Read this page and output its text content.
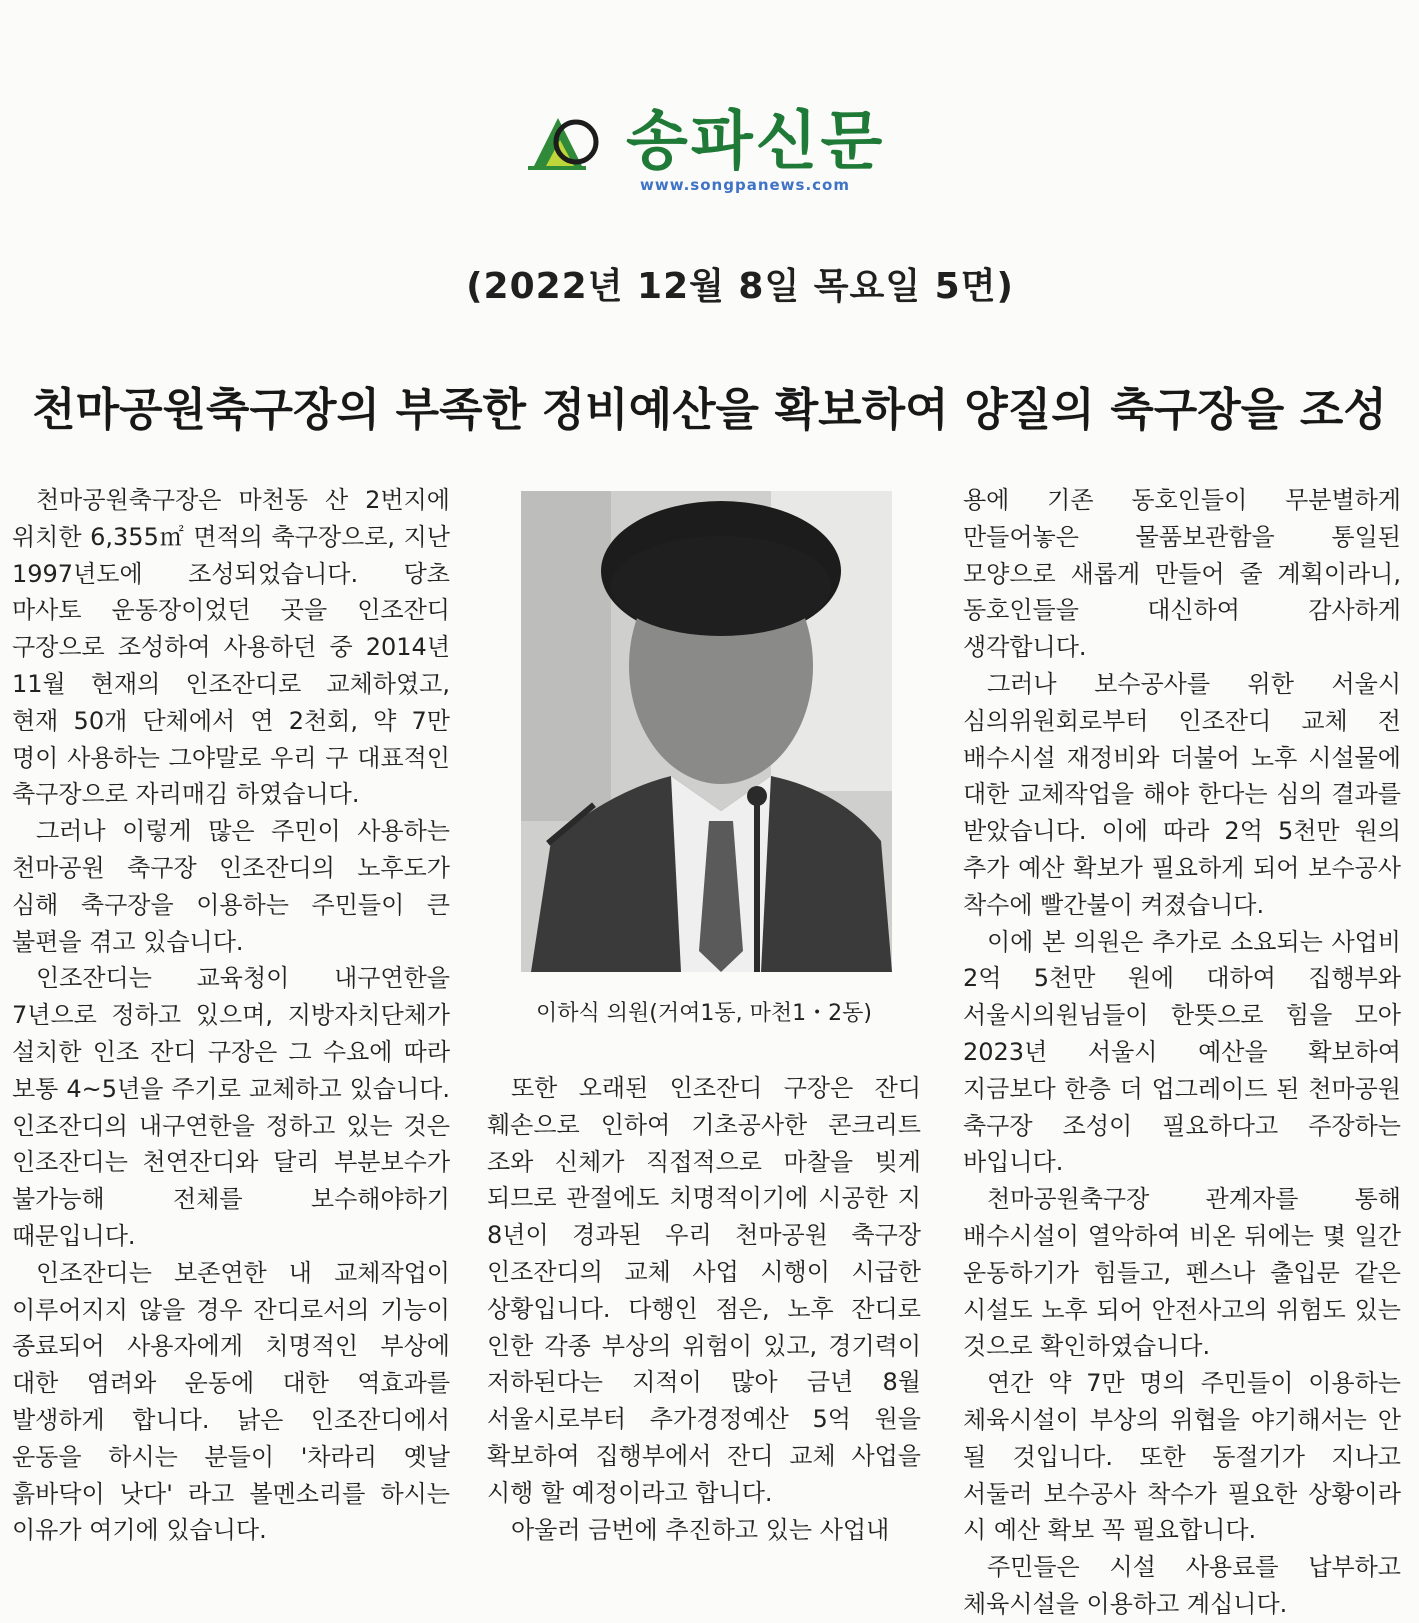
송파신문
www.songpanews.com
(2022년 12월 8일 목요일 5면)
천마공원축구장의 부족한 정비예산을 확보하여 양질의 축구장을 조성

천마공원축구장은 마천동 산 2번지에 위치한 6,355㎡ 면적의 축구장으로, 지난 1997년도에 조성되었습니다. 당초 마사토 운동장이었던 곳을 인조잔디 구장으로 조성하여 사용하던 중 2014년 11월 현재의 인조잔디로 교체하였고, 현재 50개 단체에서 연 2천회, 약 7만 명이 사용하는 그야말로 우리 구 대표적인 축구장으로 자리매김 하였습니다.

그러나 이렇게 많은 주민이 사용하는 천마공원 축구장 인조잔디의 노후도가 심해 축구장을 이용하는 주민들이 큰 불편을 겪고 있습니다.

인조잔디는 교육청이 내구연한을 7년으로 정하고 있으며, 지방자치단체가 설치한 인조 잔디 구장은 그 수요에 따라 보통 4~5년을 주기로 교체하고 있습니다. 인조잔디의 내구연한을 정하고 있는 것은 인조잔디는 천연잔디와 달리 부분보수가 불가능해 전체를 보수해야하기 때문입니다.

인조잔디는 보존연한 내 교체작업이 이루어지지 않을 경우 잔디로서의 기능이 종료되어 사용자에게 치명적인 부상에 대한 염려와 운동에 대한 역효과를 발생하게 합니다. 낡은 인조잔디에서 운동을 하시는 분들이 '차라리 옛날 흙바닥이 낫다' 라고 볼멘소리를 하시는 이유가 여기에 있습니다.

이하식 의원(거여1동, 마천1・2동)

또한 오래된 인조잔디 구장은 잔디 훼손으로 인하여 기초공사한 콘크리트 조와 신체가 직접적으로 마찰을 빚게 되므로 관절에도 치명적이기에 시공한 지 8년이 경과된 우리 천마공원 축구장 인조잔디의 교체 사업 시행이 시급한 상황입니다. 다행인 점은, 노후 잔디로 인한 각종 부상의 위험이 있고, 경기력이 저하된다는 지적이 많아 금년 8월 서울시로부터 추가경정예산 5억 원을 확보하여 집행부에서 잔디 교체 사업을 시행 할 예정이라고 합니다.

아울러 금번에 추진하고 있는 사업내

용에 기존 동호인들이 무분별하게 만들어놓은 물품보관함을 통일된 모양으로 새롭게 만들어 줄 계획이라니, 동호인들을 대신하여 감사하게 생각합니다.

그러나 보수공사를 위한 서울시 심의위원회로부터 인조잔디 교체 전 배수시설 재정비와 더불어 노후 시설물에 대한 교체작업을 해야 한다는 심의 결과를 받았습니다. 이에 따라 2억 5천만 원의 추가 예산 확보가 필요하게 되어 보수공사 착수에 빨간불이 켜졌습니다.

이에 본 의원은 추가로 소요되는 사업비 2억 5천만 원에 대하여 집행부와 서울시의원님들이 한뜻으로 힘을 모아 2023년 서울시 예산을 확보하여 지금보다 한층 더 업그레이드 된 천마공원 축구장 조성이 필요하다고 주장하는 바입니다.

천마공원축구장 관계자를 통해 배수시설이 열악하여 비온 뒤에는 몇 일간 운동하기가 힘들고, 펜스나 출입문 같은 시설도 노후 되어 안전사고의 위험도 있는 것으로 확인하였습니다.

연간 약 7만 명의 주민들이 이용하는 체육시설이 부상의 위협을 야기해서는 안 될 것입니다. 또한 동절기가 지나고 서둘러 보수공사 착수가 필요한 상황이라 시 예산 확보 꼭 필요합니다.

주민들은 시설 사용료를 납부하고 체육시설을 이용하고 계십니다.
